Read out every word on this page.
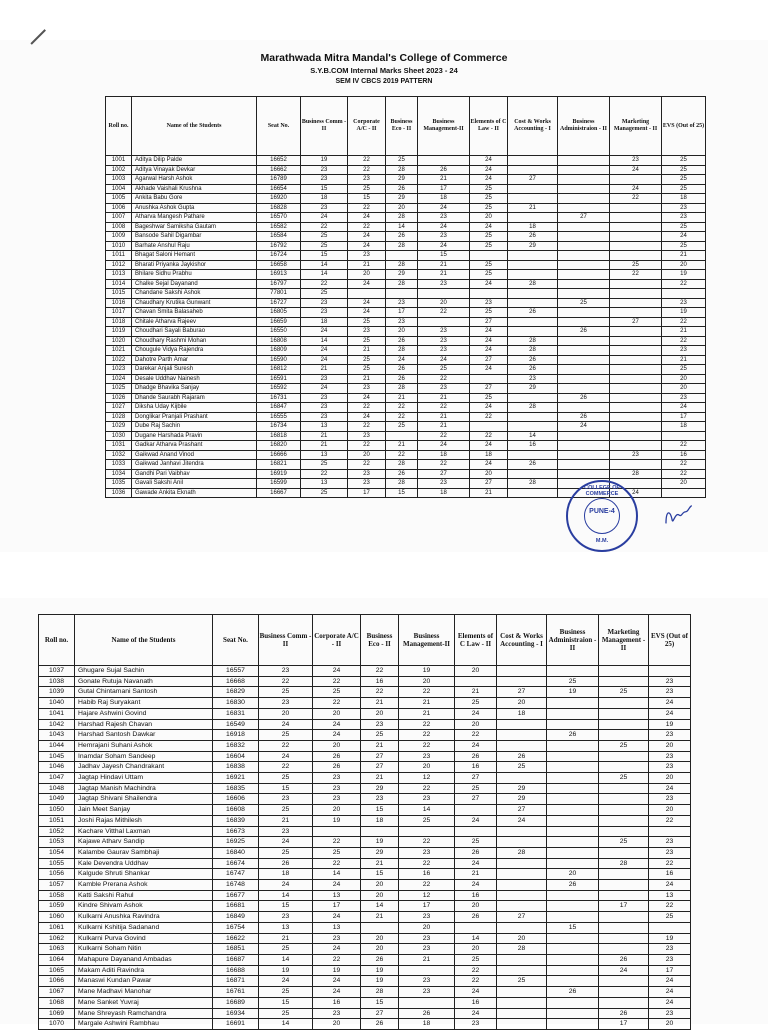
Marathwada Mitra Mandal's College of Commerce
S.Y.B.COM Internal Marks Sheet 2023 - 24
SEM IV CBCS 2019 PATTERN
Roll no.	Name of the Students	Seat No.	Business Comm -II	Corporate A/C - II	Business Eco - II	Business Management-II	Elements of C Law - II	Cost & Works Accounting - I	Business Administraion - II	Marketing Management - II	EVS (Out of 25)
1001	Aditya Dilip Palde	16652	19	22	25		24			23	25
1002	Aditya Vinayak Devkar	16662	23	22	28	26	24			24	25
1003	Agarwal Harsh Ashok	16789	23	23	29	21	24	27			25
1004	Akhade Vaishali Krushna	16654	15	25	26	17	25			24	25
1005	Ankita Babu Gore	16920	18	15	29	18	25			22	18
1006	Anushka Ashok Gupta	16828	23	22	20	24	25	21			23
1007	Atharva Mangesh Pathare	16570	24	24	28	23	20		27		23
1008	Bageshwar Samiksha Gautam	16582	22	22	14	24	24	18			25
1009	Bansode Sahil Digambar	16584	25	24	26	23	25	26			24
1010	Barhate Anshul Raju	16792	25	24	28	24	25	29			25
1011	Bhagat Saloni Hemant	16724	15	23		15					21
1012	Bharati Priyanka Jaykishor	16658	14	21	28	21	25			25	20
1013	Bhilare Sidhu Prabhu	16913	14	20	29	21	25			22	19
1014	Chalke Sejal Dayanand	16797	22	24	28	23	24	28			22
1015	Chandane Sakshi Ashok	77801	25								
1016	Chaudhary Krutika Gunwant	16727	23	24	23	20	23		25		23
1017	Chavan Smita Balasaheb	16805	23	24	17	22	25	26			19
1018	Chitale Atharva Rajeev	16659	18	25	23		27			27	22
1019	Choudhari Sayali Baburao	16550	24	23	20	23	24		26		21
1020	Choudhary Rashmi Mohan	16808	14	25	26	23	24	28			22
1021	Chougule Vidya Rajendra	16809	24	21	28	23	24	28			23
1022	Dahotre Parth Amar	16590	24	25	24	24	27	26			21
1023	Darekar Anjali Suresh	16812	21	25	26	25	24	26			25
1024	Desale Uddhav Nainesh	16591	23	21	26	22		23			20
1025	Dhadge Bhavika Sanjay	16592	24	23	28	23	27	29			20
1026	Dhande Saurabh Rajaram	16731	23	24	21	21	25		26		23
1027	Diksha Uday Kijbile	16847	23	22	22	22	24	28			24
1028	Donglikar Pranjali Prashant	16555	23	24	22	21	22		26		17
1029	Dube Raj Sachin	16734	13	22	25	21			24		18
1030	Dugane Harshada Pravin	16818	21	23		22	22	14			
1031	Gadkar Atharva Prashant	16820	21	22	21	24	24	16			22
1032	Gaikwad Anand Vinod	16666	13	20	22	18	18			23	16
1033	Gaikwad Janhavi Jitendra	16821	25	22	28	22	24	26			22
1034	Gandhi Pari Vaibhav	16919	22	23	26	27	20			28	22
1035	Gavali Sakshi Anil	16599	13	23	28	23	27	28			20
1036	Gawade Ankita Eknath	16667	25	17	15	18	21			24	
Roll no.	Name of the Students	Seat No.	Business Comm -II	Corporate A/C - II	Business Eco - II	Business Management-II	Elements of C Law - II	Cost & Works Accounting - I	Business Administraion - II	Marketing Management - II	EVS (Out of 25)
1037	Ghugare Sujal Sachin	16557	23	24	22	19	20				
1038	Gonate Rutuja Navanath	16668	22	22	16	20			25		23
1039	Gutal Chintamani Santosh	16829	25	25	22	22	21	27	19	25	23
1040	Habib Raj Suryakant	16830	23	22	21	21	25	20			24
1041	Hajare Ashwini Govind	16831	20	20	20	21	24	18			24
1042	Harshad Rajesh Chavan	16549	24	24	23	22	20				19
1043	Harshad Santosh Dawkar	16918	25	24	25	22	22		26		23
1044	Hemrajani Suhani Ashok	16832	22	20	21	22	24			25	20
1045	Inamdar Soham Sandeep	16604	24	26	27	23	26	26			23
1046	Jadhav Jayesh Chandrakant	16838	22	26	27	20	16	25			23
1047	Jagtap Hindavi Uttam	16921	25	23	21	12	27			25	20
1048	Jagtap Manish Machindra	16835	15	23	29	22	25	29			24
1049	Jagtap Shivani Shailendra	16606	23	23	23	23	27	29			23
1050	Jain Meet Sanjay	16608	25	20	15	14		27			20
1051	Joshi Rajas Mithilesh	16839	21	19	18	25	24	24			22
1052	Kachare Vitthal Laxman	16673	23								
1053	Kajawe Atharv Sandip	16925	24	22	19	22	25			25	23
1054	Kalambe Gaurav Sambhaji	16840	25	25	29	23	26	28			23
1055	Kale Devendra Uddhav	16674	26	22	21	22	24			28	22
1056	Kalgude Shruti Shankar	16747	18	14	15	16	21		20		16
1057	Kamble Prerana Ashok	16748	24	24	20	22	24		26		24
1058	Katti Sakshi Rahul	16677	14	13	20	12	16				13
1059	Kindre Shivam Ashok	16681	15	17	14	17	20			17	22
1060	Kulkarni Anushka Ravindra	16849	23	24	21	23	26	27			25
1061	Kulkarni Kshitija Sadanand	16754	13	13		20			15		
1062	Kulkarni Purva Govind	16622	21	23	20	23	14	20			19
1063	Kulkarni Soham Nitin	16851	25	24	20	23	20	28			23
1064	Mahapure Dayanand Ambadas	16687	14	22	26	21	25			26	23
1065	Makam Aditi Ravindra	16688	19	19	19		22			24	17
1066	Manaswi Kundan Pawar	16871	24	24	19	23	22	25			24
1067	Mane Madhavi Manohar	16761	25	24	28	23	24		26		24
1068	Mane Sanket Yuvraj	16689	15	16	15		16				24
1069	Mane Shreyash Ramchandra	16934	25	23	27	26	24			26	23
1070	Margale Ashwini Rambhau	16691	14	20	26	18	23			17	20
COLLEGE OF COMMERCE
PUNE-4
M.M.
